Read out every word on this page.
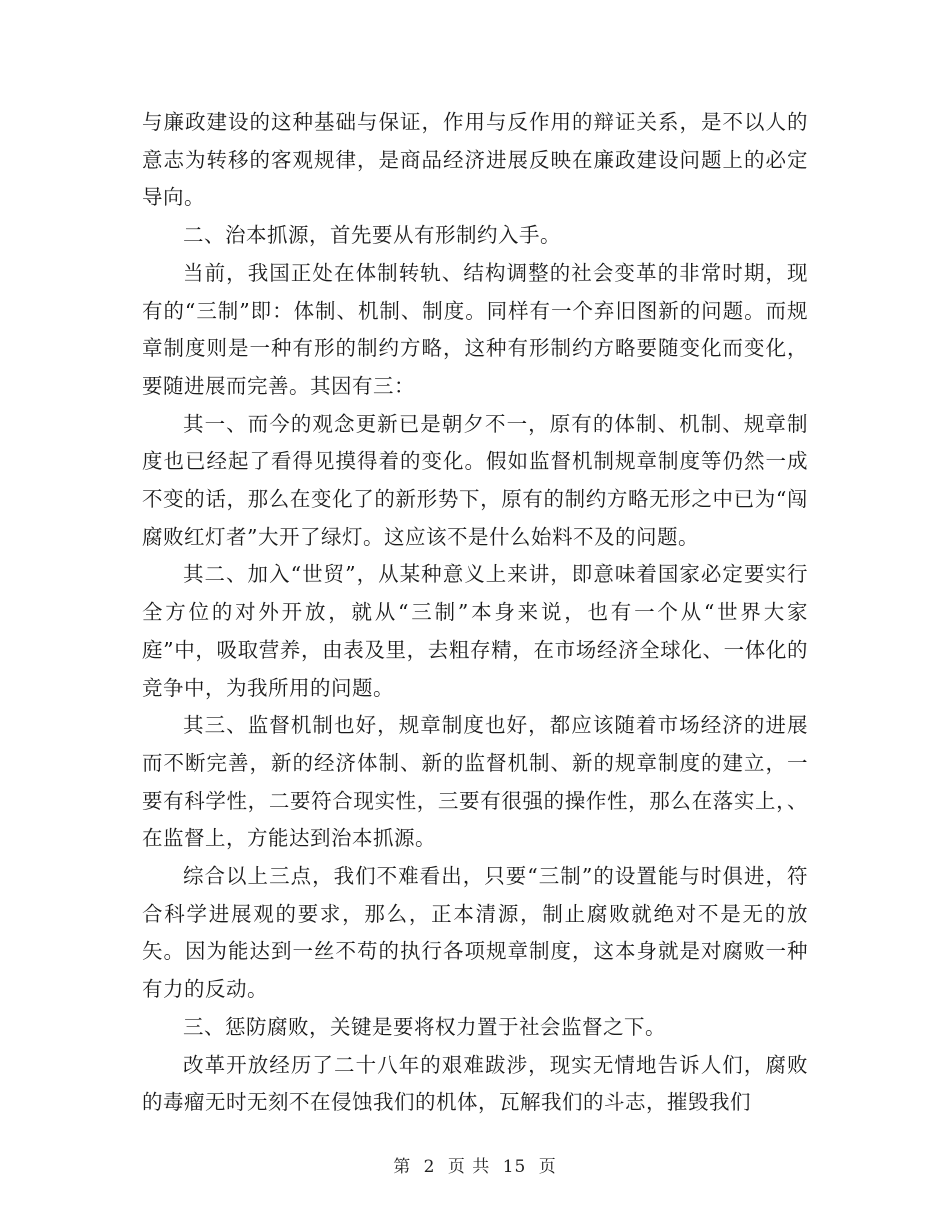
与廉政建设的这种基础与保证，作用与反作用的辩证关系，是不以人的意志为转移的客观规律，是商品经济进展反映在廉政建设问题上的必定导向。

二、治本抓源，首先要从有形制约入手。

当前，我国正处在体制转轨、结构调整的社会变革的非常时期，现有的“三制”即：体制、机制、制度。同样有一个弃旧图新的问题。而规章制度则是一种有形的制约方略，这种有形制约方略要随变化而变化，要随进展而完善。其因有三：

其一、而今的观念更新已是朝夕不一，原有的体制、机制、规章制度也已经起了看得见摸得着的变化。假如监督机制规章制度等仍然一成不变的话，那么在变化了的新形势下，原有的制约方略无形之中已为“闯腐败红灯者”大开了绿灯。这应该不是什么始料不及的问题。

其二、加入“世贸”，从某种意义上来讲，即意味着国家必定要实行全方位的对外开放，就从“三制”本身来说，也有一个从“世界大家庭”中，吸取营养，由表及里，去粗存精，在市场经济全球化、一体化的竞争中，为我所用的问题。

其三、监督机制也好，规章制度也好，都应该随着市场经济的进展而不断完善，新的经济体制、新的监督机制、新的规章制度的建立，一要有科学性，二要符合现实性，三要有很强的操作性，那么在落实上，、在监督上，方能达到治本抓源。

综合以上三点，我们不难看出，只要“三制”的设置能与时俱进，符合科学进展观的要求，那么，正本清源，制止腐败就绝对不是无的放矢。因为能达到一丝不苟的执行各项规章制度，这本身就是对腐败一种有力的反动。

三、惩防腐败，关键是要将权力置于社会监督之下。

改革开放经历了二十八年的艰难跋涉，现实无情地告诉人们，腐败的毒瘤无时无刻不在侵蚀我们的机体，瓦解我们的斗志，摧毁我们

第 2 页 共 15 页
